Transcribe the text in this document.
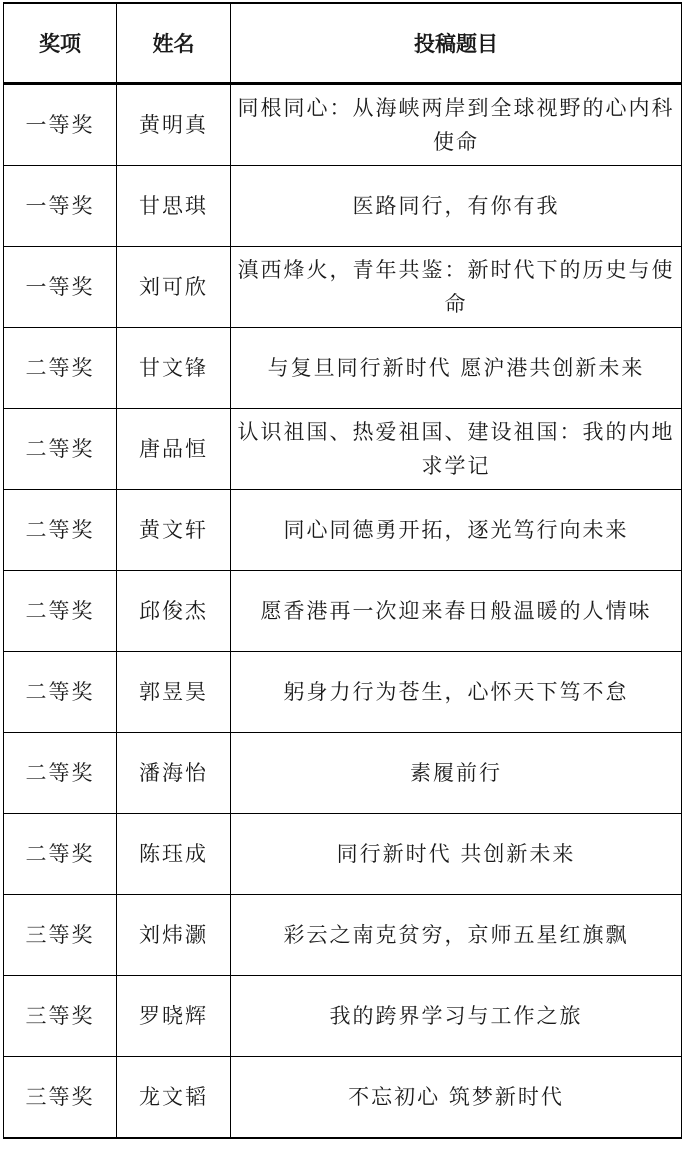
奖项	姓名	投稿题目
一等奖	黄明真	同根同心：从海峡两岸到全球视野的心内科使命
一等奖	甘思琪	医路同行，有你有我
一等奖	刘可欣	滇西烽火，青年共鉴：新时代下的历史与使命
二等奖	甘文锋	与复旦同行新时代 愿沪港共创新未来
二等奖	唐品恒	认识祖国、热爱祖国、建设祖国：我的内地求学记
二等奖	黄文轩	同心同德勇开拓，逐光笃行向未来
二等奖	邱俊杰	愿香港再一次迎来春日般温暖的人情味
二等奖	郭昱昊	躬身力行为苍生，心怀天下笃不怠
二等奖	潘海怡	素履前行
二等奖	陈珏成	同行新时代 共创新未来
三等奖	刘炜灏	彩云之南克贫穷，京师五星红旗飘
三等奖	罗晓辉	我的跨界学习与工作之旅
三等奖	龙文韬	不忘初心 筑梦新时代
